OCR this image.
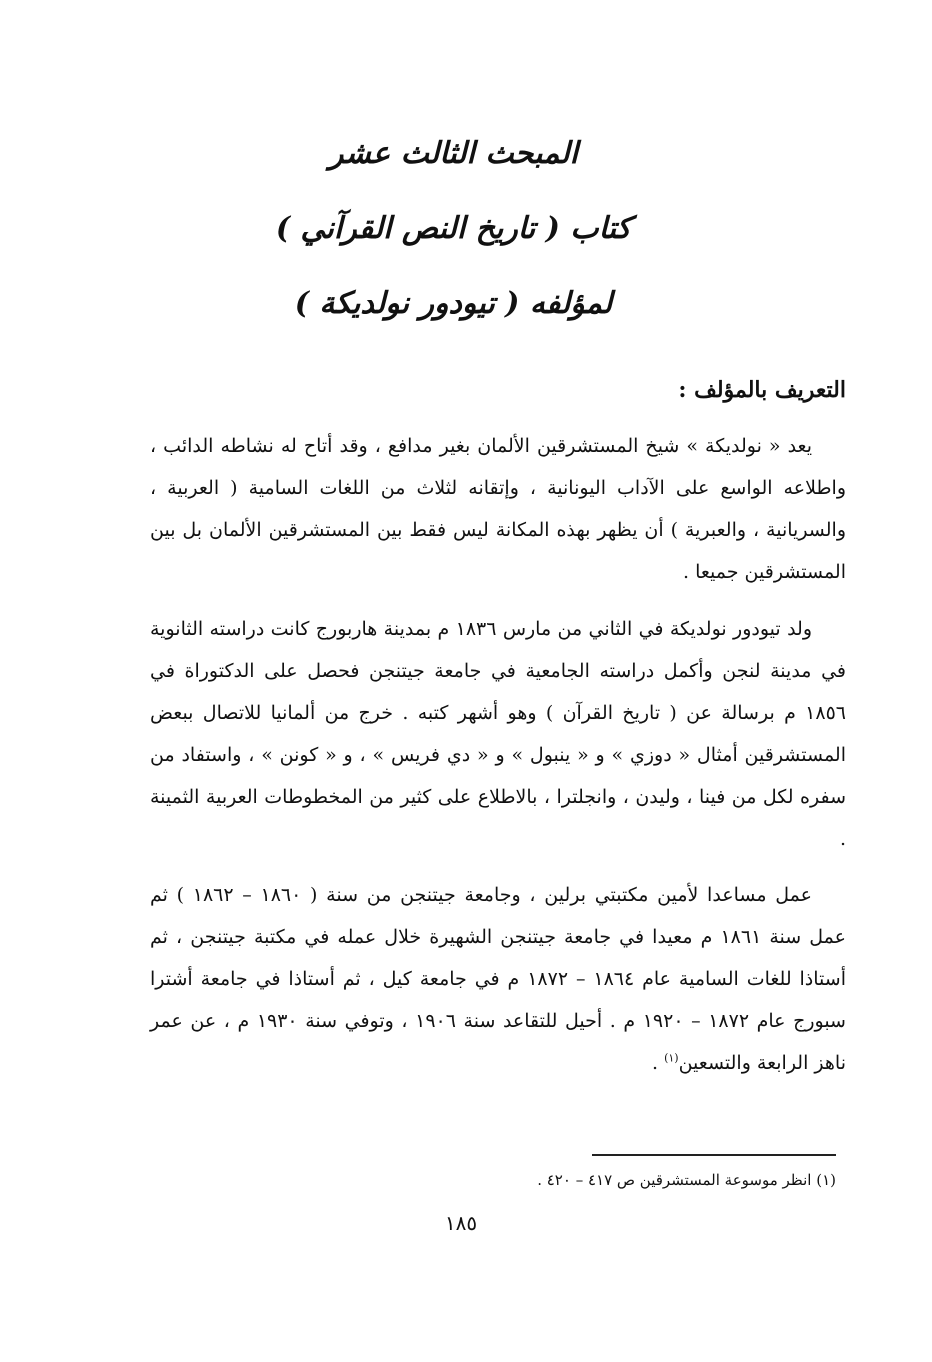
المبحث الثالث عشر
كتاب ( تاريخ النص القرآني )
لمؤلفه ( تيودور نولديكة )
التعريف بالمؤلف :

يعد « نولديكة » شيخ المستشرقين الألمان بغير مدافع ، وقد أتاح له نشاطه الدائب ، واطلاعه الواسع على الآداب اليونانية ، وإتقانه لثلاث من اللغات السامية ( العربية ، والسريانية ، والعبرية ) أن يظهر بهذه المكانة ليس فقط بين المستشرقين الألمان بل بين المستشرقين جميعا .

ولد تيودور نولديكة في الثاني من مارس ١٨٣٦ م بمدينة هاربورج كانت دراسته الثانوية في مدينة لنجن وأكمل دراسته الجامعية في جامعة جيتنجن فحصل على الدكتوراة في ١٨٥٦ م برسالة عن ( تاريخ القرآن ) وهو أشهر كتبه . خرج من ألمانيا للاتصال ببعض المستشرقين أمثال « دوزي » و « ينبول » و « دي فريس » ، و « كونن » ، واستفاد من سفره لكل من فينا ، وليدن ، وانجلترا ، بالاطلاع على كثير من المخطوطات العربية الثمينة .

عمل مساعدا لأمين مكتبتي برلين ، وجامعة جيتنجن من سنة ( ١٨٦٠ – ١٨٦٢ ) ثم عمل سنة ١٨٦١ م معيدا في جامعة جيتنجن الشهيرة خلال عمله في مكتبة جيتنجن ، ثم أستاذا للغات السامية عام ١٨٦٤ – ١٨٧٢ م في جامعة كيل ، ثم أستاذا في جامعة أشترا سبورج عام ١٨٧٢ – ١٩٢٠ م . أحيل للتقاعد سنة ١٩٠٦ ، وتوفي سنة ١٩٣٠ م ، عن عمر ناهز الرابعة والتسعين$^{(١)}$ .

(١) انظر موسوعة المستشرقين ص ٤١٧ – ٤٢٠ .
١٨٥
